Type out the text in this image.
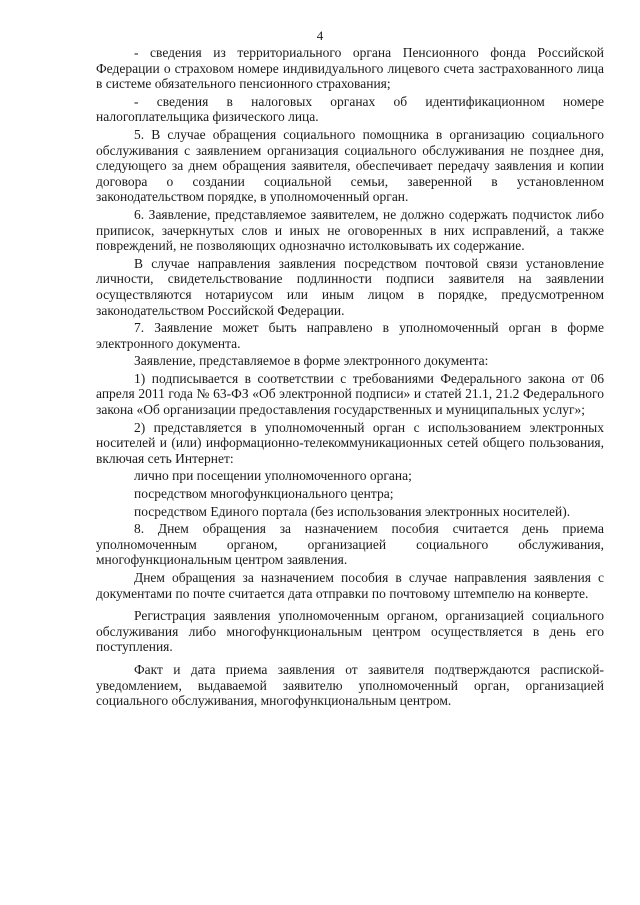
4

- сведения из территориального органа Пенсионного фонда Российской Федерации о страховом номере индивидуального лицевого счета застрахованного лица в системе обязательного пенсионного страхования;

- сведения в налоговых органах об идентификационном номере налогоплательщика физического лица.

5. В случае обращения социального помощника в организацию социального обслуживания с заявлением организация социального обслуживания не позднее дня, следующего за днем обращения заявителя, обеспечивает передачу заявления и копии договора о создании социальной семьи, заверенной в установленном законодательством порядке, в уполномоченный орган.

6. Заявление, представляемое заявителем, не должно содержать подчисток либо приписок, зачеркнутых слов и иных не оговоренных в них исправлений, а также повреждений, не позволяющих однозначно истолковывать их содержание.

В случае направления заявления посредством почтовой связи установление личности, свидетельствование подлинности подписи заявителя на заявлении осуществляются нотариусом или иным лицом в порядке, предусмотренном законодательством Российской Федерации.

7. Заявление может быть направлено в уполномоченный орган в форме электронного документа.

Заявление, представляемое в форме электронного документа:

1) подписывается в соответствии с требованиями Федерального закона от 06 апреля 2011 года № 63-ФЗ «Об электронной подписи» и статей 21.1, 21.2 Федерального закона «Об организации предоставления государственных и муниципальных услуг»;

2) представляется в уполномоченный орган с использованием электронных носителей и (или) информационно-телекоммуникационных сетей общего пользования, включая сеть Интернет:

лично при посещении уполномоченного органа;

посредством многофункционального центра;

посредством Единого портала (без использования электронных носителей).

8. Днем обращения за назначением пособия считается день приема уполномоченным органом, организацией социального обслуживания, многофункциональным центром заявления.

Днем обращения за назначением пособия в случае направления заявления с документами по почте считается дата отправки по почтовому штемпелю на конверте.

Регистрация заявления уполномоченным органом, организацией социального обслуживания либо многофункциональным центром осуществляется в день его поступления.

Факт и дата приема заявления от заявителя подтверждаются распиской-уведомлением, выдаваемой заявителю уполномоченный орган, организацией социального обслуживания, многофункциональным центром.
